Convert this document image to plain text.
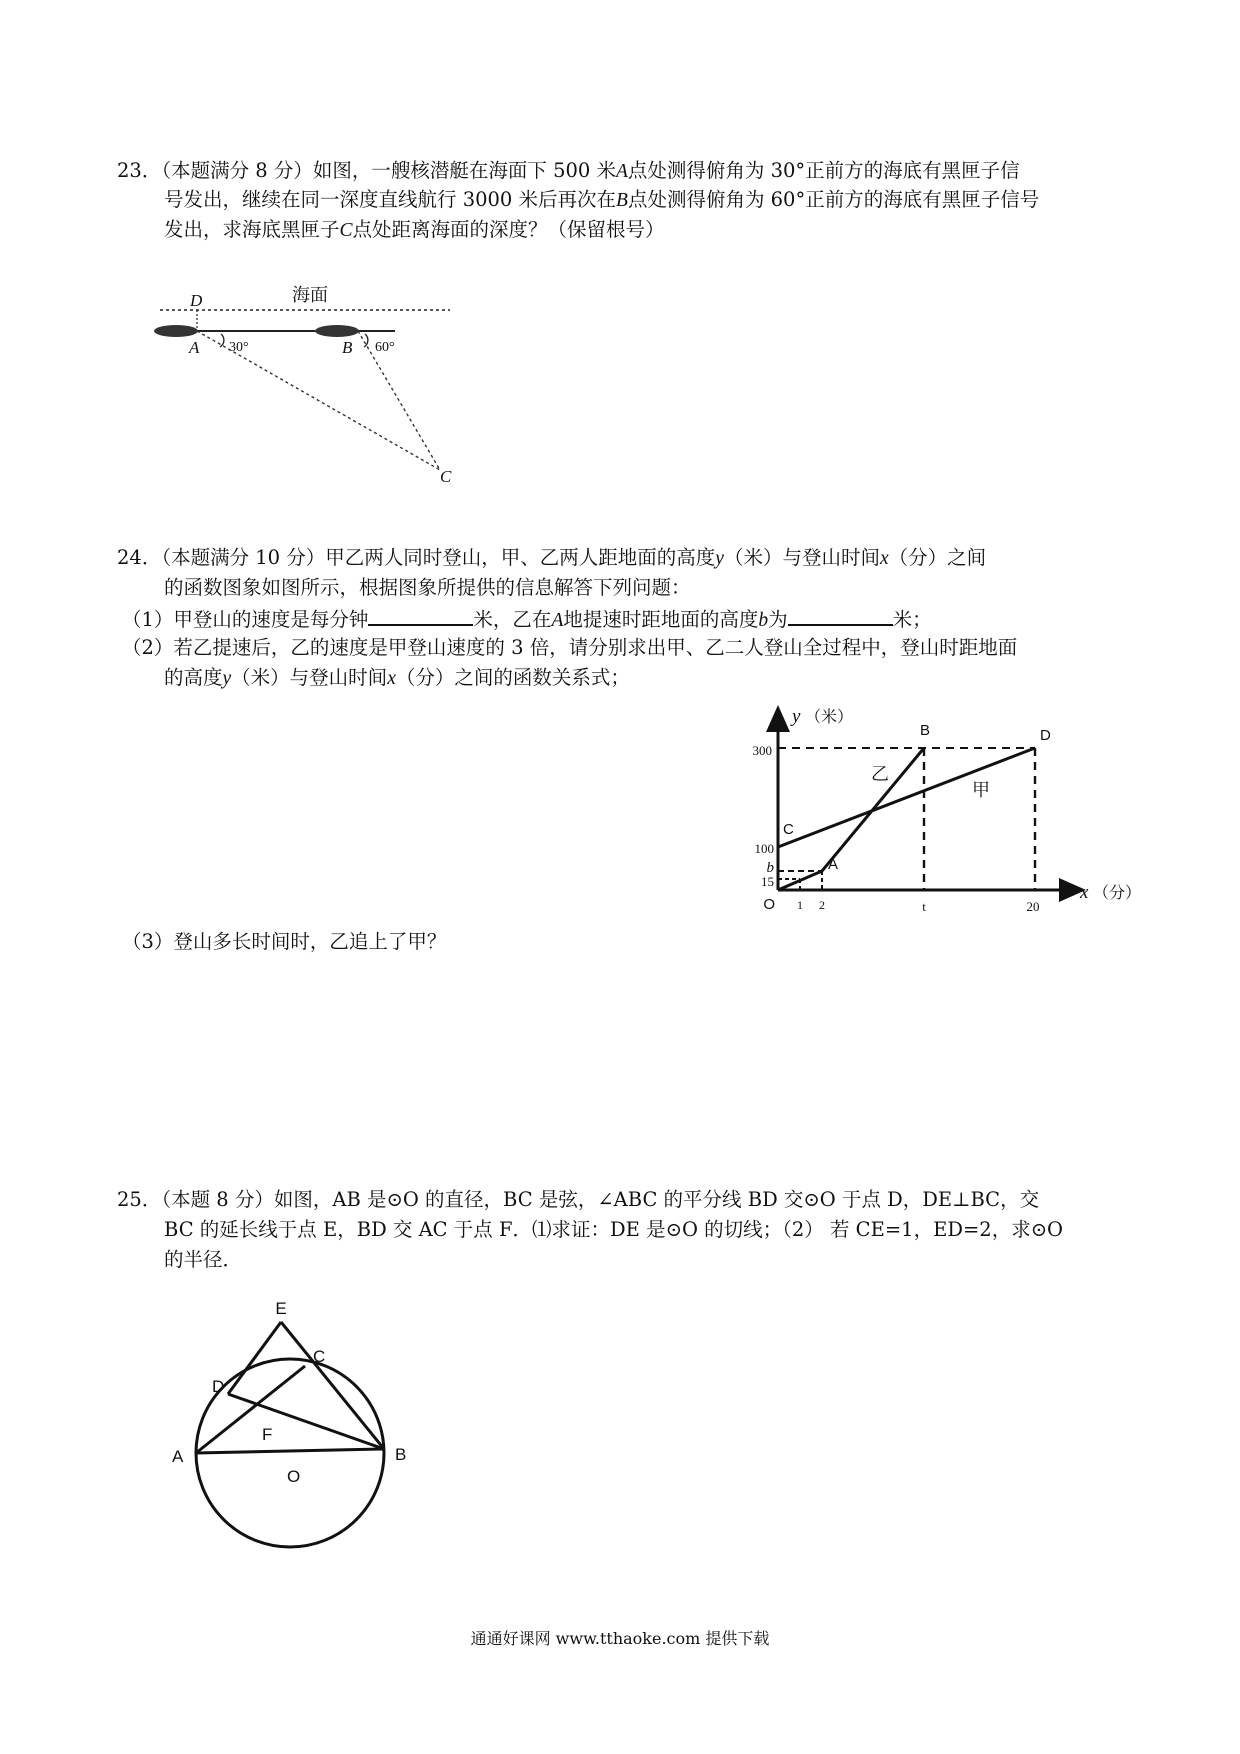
23．（本题满分 8 分）如图，一艘核潜艇在海面下 500 米A点处测得俯角为 30°正前方的海底有黑匣子信
号发出，继续在同一深度直线航行 3000 米后再次在B点处测得俯角为 60°正前方的海底有黑匣子信号
发出，求海底黑匣子C点处距离海面的深度？（保留根号）
海面
D
A	B
30°	60°
C
24．（本题满分 10 分）甲乙两人同时登山，甲、乙两人距地面的高度y（米）与登山时间x（分）之间
的函数图象如图所示，根据图象所提供的信息解答下列问题：
（1）甲登山的速度是每分钟	米，乙在A地提速时距地面的高度b为	米；
（2）若乙提速后，乙的速度是甲登山速度的 3 倍，请分别求出甲、乙二人登山全过程中，登山时距地面
的高度y（米）与登山时间x（分）之间的函数关系式；
y （米）
x （分）
300
100
b
15
O 1 2	t	20
B	D
C
A
乙
甲
（3）登山多长时间时，乙追上了甲？
25．（本题 8 分）如图，AB 是⊙O 的直径，BC 是弦，∠ABC 的平分线 BD 交⊙O 于点 D，DE⊥BC，交
BC 的延长线于点 E，BD 交 AC 于点 F．⑴求证：DE 是⊙O 的切线；（2） 若 CE=1，ED=2，求⊙O
的半径．
E
C
D
F
A	B
O
通通好课网 www.tthaoke.com 提供下载
